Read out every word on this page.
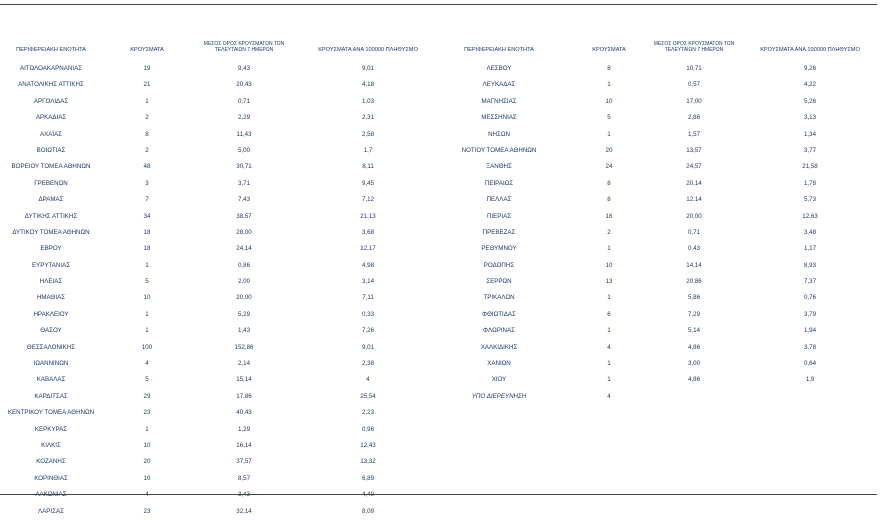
ΠΕΡΙΦΕΡΕΙΑΚΗ ΕΝΟΤΗΤΑ	ΚΡΟΥΣΜΑΤΑ
ΜΕΣΟΣ ΟΡΟΣ ΚΡΟΥΣΜΑΤΩΝ ΤΩΝ
ΤΕΛΕΥΤΑΙΩΝ 7 ΗΜΕΡΩΝ	ΚΡΟΥΣΜΑΤΑ ΑΝΑ 100000 ΠΛΗΘΥΣΜΟ
ΑΙΤΩΛΟΑΚΑΡΝΑΝΙΑΣ	19	9,43	9,01
ΑΝΑΤΟΛΙΚΗΣ ΑΤΤΙΚΗΣ	21	20,43	4,18
ΑΡΓΟΛΙΔΑΣ	1	0,71	1,03
ΑΡΚΑΔΙΑΣ	2	2,29	2,31
ΑΧΑΪΑΣ	8	11,43	2,58
ΒΟΙΩΤΙΑΣ	2	5,00	1,7
ΒΟΡΕΙΟΥ ΤΟΜΕΑ ΑΘΗΝΩΝ	48	30,71	8,11
ΓΡΕΒΕΝΩΝ	3	3,71	9,45
ΔΡΑΜΑΣ	7	7,43	7,12
ΔΥΤΙΚΗΣ ΑΤΤΙΚΗΣ	34	38,57	21,13
ΔΥΤΙΚΟΥ ΤΟΜΕΑ ΑΘΗΝΩΝ	18	28,00	3,68
ΕΒΡΟΥ	18	24,14	12,17
ΕΥΡΥΤΑΝΙΑΣ	1	0,86	4,98
ΗΛΕΙΑΣ	5	2,00	3,14
ΗΜΑΘΙΑΣ	10	20,00	7,11
ΗΡΑΚΛΕΙΟΥ	1	5,29	0,33
ΘΑΣΟΥ	1	1,43	7,26
ΘΕΣΣΑΛΟΝΙΚΗΣ	100	152,86	9,01
ΙΩΑΝΝΙΝΩΝ	4	2,14	2,38
ΚΑΒΑΛΑΣ	5	15,14	4
ΚΑΡΔΙΤΣΑΣ	29	17,86	25,54
ΚΕΝΤΡΙΚΟΥ ΤΟΜΕΑ ΑΘΗΝΩΝ	23	40,43	2,23
ΚΕΡΚΥΡΑΣ	1	1,29	0,96
ΚΙΛΚΙΣ	10	16,14	12,43
ΚΟΖΑΝΗΣ	20	37,57	13,32
ΚΟΡΙΝΘΙΑΣ	10	8,57	6,89
ΛΑΡΙΣΑΣ	23	32,14	8,09
ΠΕΡΙΦΕΡΕΙΑΚΗ ΕΝΟΤΗΤΑ	ΚΡΟΥΣΜΑΤΑ
ΜΕΣΟΣ ΟΡΟΣ ΚΡΟΥΣΜΑΤΩΝ ΤΩΝ
ΤΕΛΕΥΤΑΙΩΝ 7 ΗΜΕΡΩΝ	ΚΡΟΥΣΜΑΤΑ ΑΝΑ 100000 ΠΛΗΘΥΣΜΟ
ΛΕΣΒΟΥ	8	10,71	9,26
ΛΕΥΚΑΔΑΣ	1	0,57	4,22
ΜΑΓΝΗΣΙΑΣ	10	17,00	5,26
ΜΕΣΣΗΝΙΑΣ	5	2,86	3,13
ΝΗΣΩΝ	1	1,57	1,34
ΝΟΤΙΟΥ ΤΟΜΕΑ ΑΘΗΝΩΝ	20	13,57	3,77
ΞΑΝΘΗΣ	24	24,57	21,58
ΠΕΙΡΑΙΩΣ	8	20,14	1,78
ΠΕΛΛΑΣ	8	12,14	5,73
ΠΙΕΡΙΑΣ	16	20,00	12,63
ΠΡΕΒΕΖΑΣ	2	0,71	3,48
ΡΕΘΥΜΝΟΥ	1	0,43	1,17
ΡΟΔΟΠΗΣ	10	14,14	8,93
ΣΕΡΡΩΝ	13	20,86	7,37
ΤΡΙΚΑΛΩΝ	1	5,86	0,76
ΦΘΙΩΤΙΔΑΣ	6	7,29	3,79
ΦΛΩΡΙΝΑΣ	1	5,14	1,94
ΧΑΛΚΙΔΙΚΗΣ	4	4,86	3,78
ΧΑΝΙΩΝ	1	3,00	0,64
ΧΙΟΥ	1	4,86	1,9
ΥΠΟ ΔΙΕΡΕΥΝΗΣΗ	4
